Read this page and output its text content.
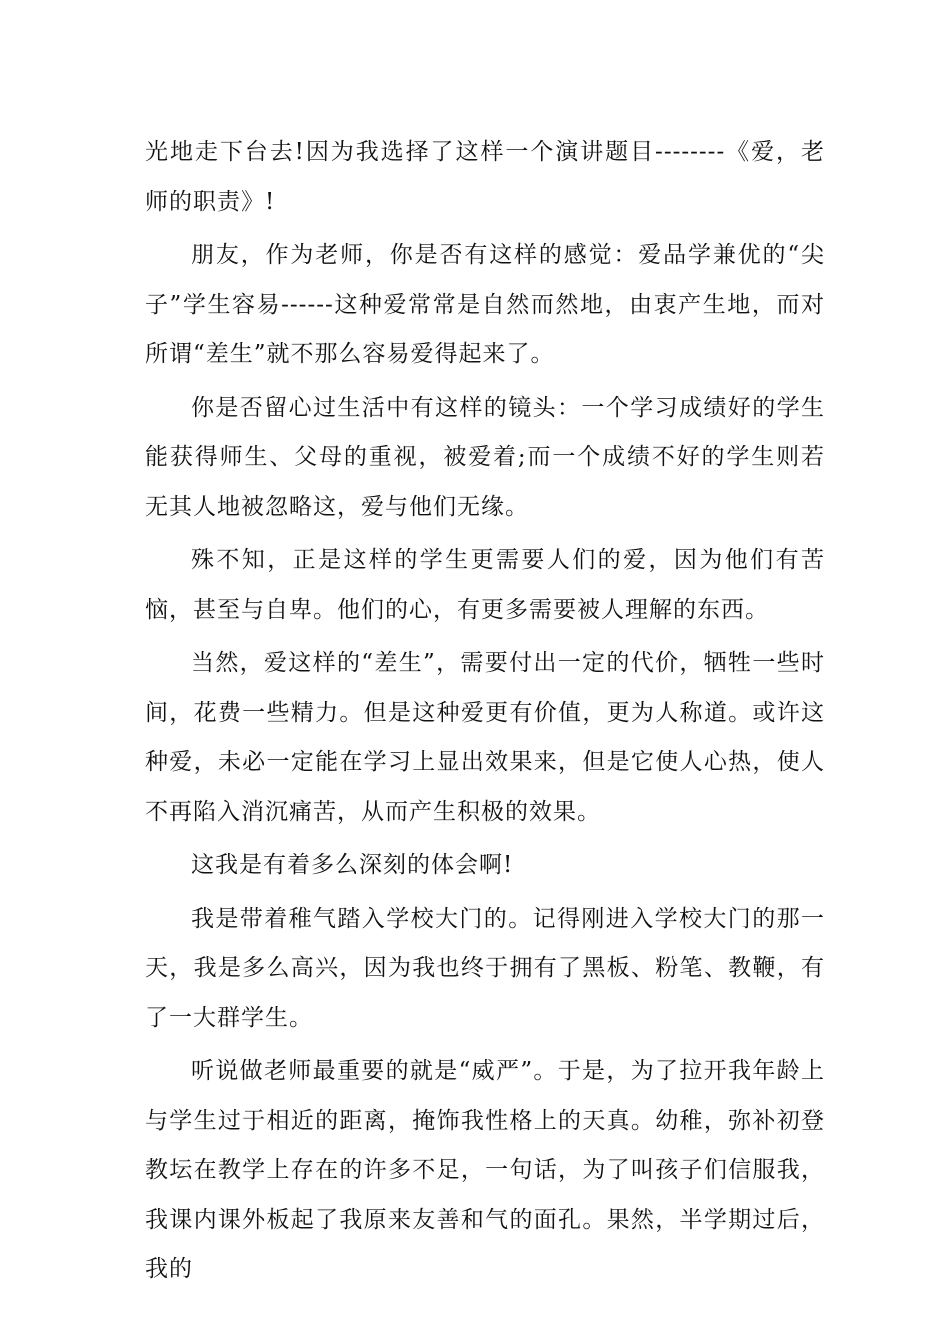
光地走下台去!因为我选择了这样一个演讲题目--------《爱，老师的职责》!

朋友，作为老师，你是否有这样的感觉：爱品学兼优的“尖子”学生容易------这种爱常常是自然而然地，由衷产生地，而对所谓“差生”就不那么容易爱得起来了。

你是否留心过生活中有这样的镜头：一个学习成绩好的学生能获得师生、父母的重视，被爱着;而一个成绩不好的学生则若无其人地被忽略这，爱与他们无缘。

殊不知，正是这样的学生更需要人们的爱，因为他们有苦恼，甚至与自卑。他们的心，有更多需要被人理解的东西。

当然，爱这样的“差生”，需要付出一定的代价，牺牲一些时间，花费一些精力。但是这种爱更有价值，更为人称道。或许这种爱，未必一定能在学习上显出效果来，但是它使人心热，使人不再陷入消沉痛苦，从而产生积极的效果。

这我是有着多么深刻的体会啊!

我是带着稚气踏入学校大门的。记得刚进入学校大门的那一天，我是多么高兴，因为我也终于拥有了黑板、粉笔、教鞭，有了一大群学生。

听说做老师最重要的就是“威严”。于是，为了拉开我年龄上与学生过于相近的距离，掩饰我性格上的天真。幼稚，弥补初登教坛在教学上存在的许多不足，一句话，为了叫孩子们信服我，我课内课外板起了我原来友善和气的面孔。果然，半学期过后，我的
